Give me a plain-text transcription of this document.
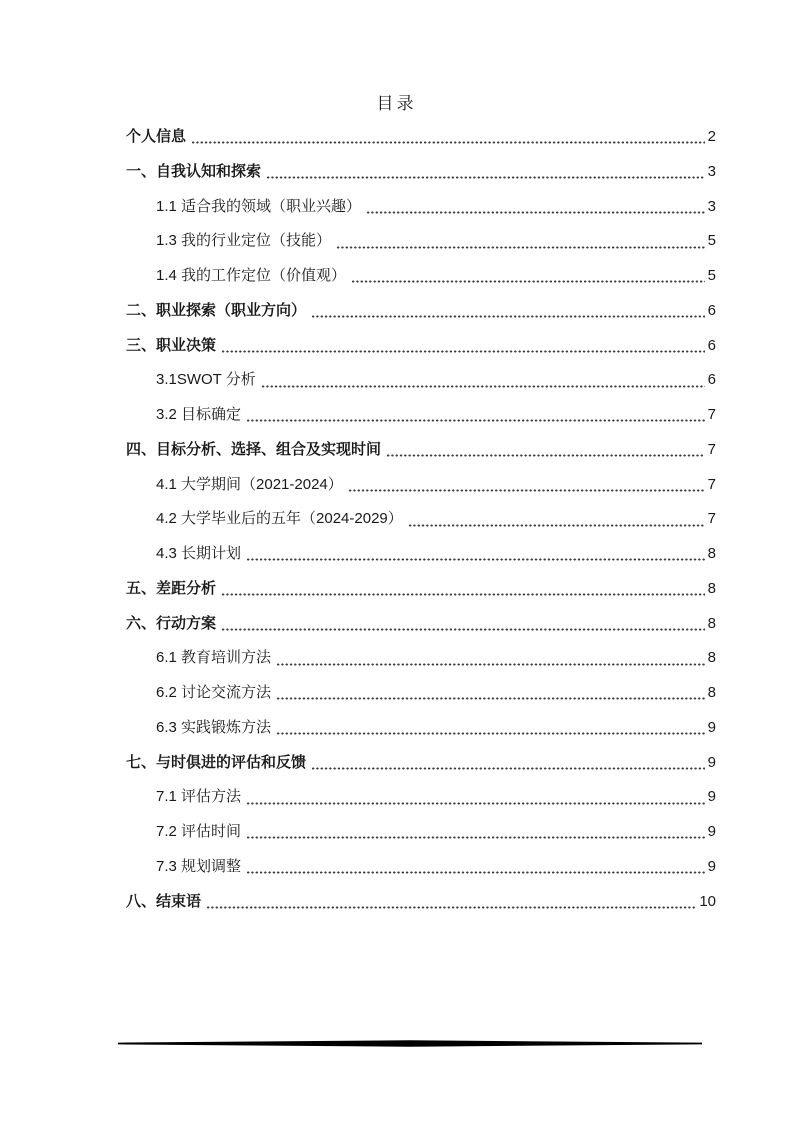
目录
个人信息	2
一、自我认知和探索	3
1.1 适合我的领域（职业兴趣）	3
1.3 我的行业定位（技能）	5
1.4 我的工作定位（价值观）	5
二、职业探索（职业方向）	6
三、职业决策	6
3.1SWOT 分析	6
3.2 目标确定	7
四、目标分析、选择、组合及实现时间	7
4.1 大学期间（2021-2024）	7
4.2 大学毕业后的五年（2024-2029）	7
4.3 长期计划	8
五、差距分析	8
六、行动方案	8
6.1 教育培训方法	8
6.2 讨论交流方法	8
6.3 实践锻炼方法	9
七、与时俱进的评估和反馈	9
7.1 评估方法	9
7.2 评估时间	9
7.3 规划调整	9
八、结束语	10
